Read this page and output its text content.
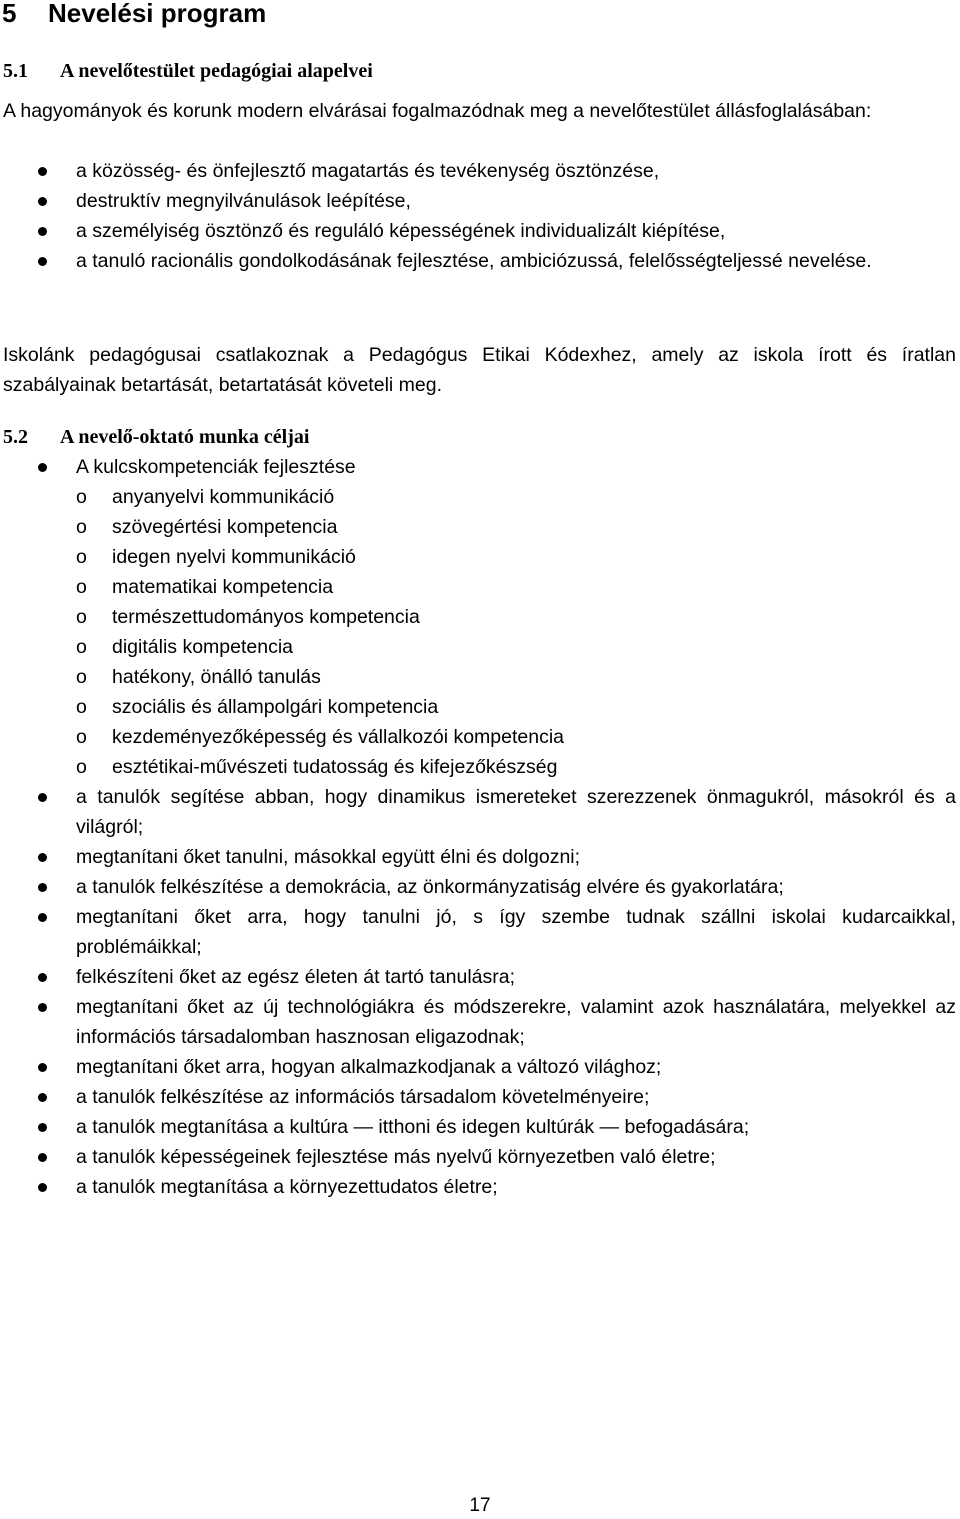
5 Nevelési program
5.1 A nevelőtestület pedagógiai alapelvei

A hagyományok és korunk modern elvárásai fogalmazódnak meg a nevelőtestület állásfoglalásában:

a közösség- és önfejlesztő magatartás és tevékenység ösztönzése,
destruktív megnyilvánulások leépítése,
a személyiség ösztönző és reguláló képességének individualizált kiépítése,
a tanuló racionális gondolkodásának fejlesztése, ambiciózussá, felelősségteljessé nevelése.

Iskolánk pedagógusai csatlakoznak a Pedagógus Etikai Kódexhez, amely az iskola írott és íratlan szabályainak betartását, betartatását követeli meg.

5.2 A nevelő-oktató munka céljai
A kulcskompetenciák fejlesztése
o anyanyelvi kommunikáció
o szövegértési kompetencia
o idegen nyelvi kommunikáció
o matematikai kompetencia
o természettudományos kompetencia
o digitális kompetencia
o hatékony, önálló tanulás
o szociális és állampolgári kompetencia
o kezdeményezőképesség és vállalkozói kompetencia
o esztétikai-művészeti tudatosság és kifejezőkészség
a tanulók segítése abban, hogy dinamikus ismereteket szerezzenek önmagukról, másokról és a világról;
megtanítani őket tanulni, másokkal együtt élni és dolgozni;
a tanulók felkészítése a demokrácia, az önkormányzatiság elvére és gyakorlatára;
megtanítani őket arra, hogy tanulni jó, s így szembe tudnak szállni iskolai kudarcaikkal, problémáikkal;
felkészíteni őket az egész életen át tartó tanulásra;
megtanítani őket az új technológiákra és módszerekre, valamint azok használatára, melyekkel az információs társadalomban hasznosan eligazodnak;
megtanítani őket arra, hogyan alkalmazkodjanak a változó világhoz;
a tanulók felkészítése az információs társadalom követelményeire;
a tanulók megtanítása a kultúra — itthoni és idegen kultúrák — befogadására;
a tanulók képességeinek fejlesztése más nyelvű környezetben való életre;
a tanulók megtanítása a környezettudatos életre;
17
